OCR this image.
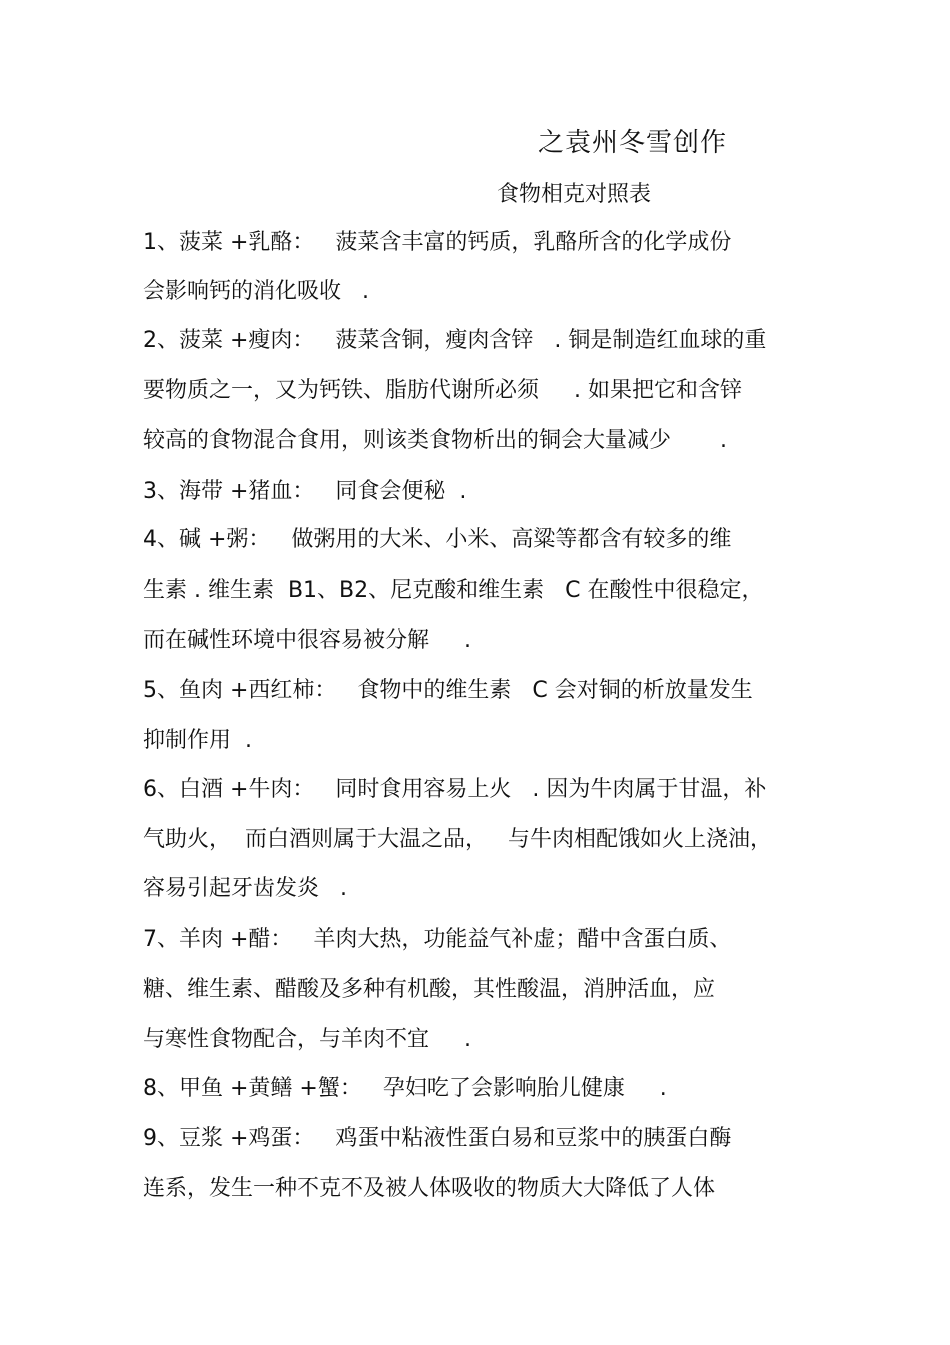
之袁州冬雪创作
食物相克对照表
1、菠菜 +乳酪：   菠菜含丰富的钙质，乳酪所含的化学成份
会影响钙的消化吸收   .
2、菠菜 +瘦肉：   菠菜含铜，瘦肉含锌   . 铜是制造红血球的重
要物质之一，又为钙铁、脂肪代谢所必须     . 如果把它和含锌
较高的食物混合食用，则该类食物析出的铜会大量减少       .
3、海带 +猪血：   同食会便秘  .
4、碱 +粥：   做粥用的大米、小米、高粱等都含有较多的维
生素 . 维生素  B1、B2、尼克酸和维生素   C 在酸性中很稳定，
而在碱性环境中很容易被分解     .
5、鱼肉 +西红柿：   食物中的维生素   C 会对铜的析放量发生
抑制作用  .
6、白酒 +牛肉：   同时食用容易上火   . 因为牛肉属于甘温，补
气助火，  而白酒则属于大温之品，   与牛肉相配饿如火上浇油，
容易引起牙齿发炎   .
7、羊肉 +醋：   羊肉大热，功能益气补虚；醋中含蛋白质、
糖、维生素、醋酸及多种有机酸，其性酸温，消肿活血，应
与寒性食物配合，与羊肉不宜     .
8、甲鱼 +黄鳝 +蟹：   孕妇吃了会影响胎儿健康     .
9、豆浆 +鸡蛋：   鸡蛋中粘液性蛋白易和豆浆中的胰蛋白酶
连系，发生一种不克不及被人体吸收的物质大大降低了人体
